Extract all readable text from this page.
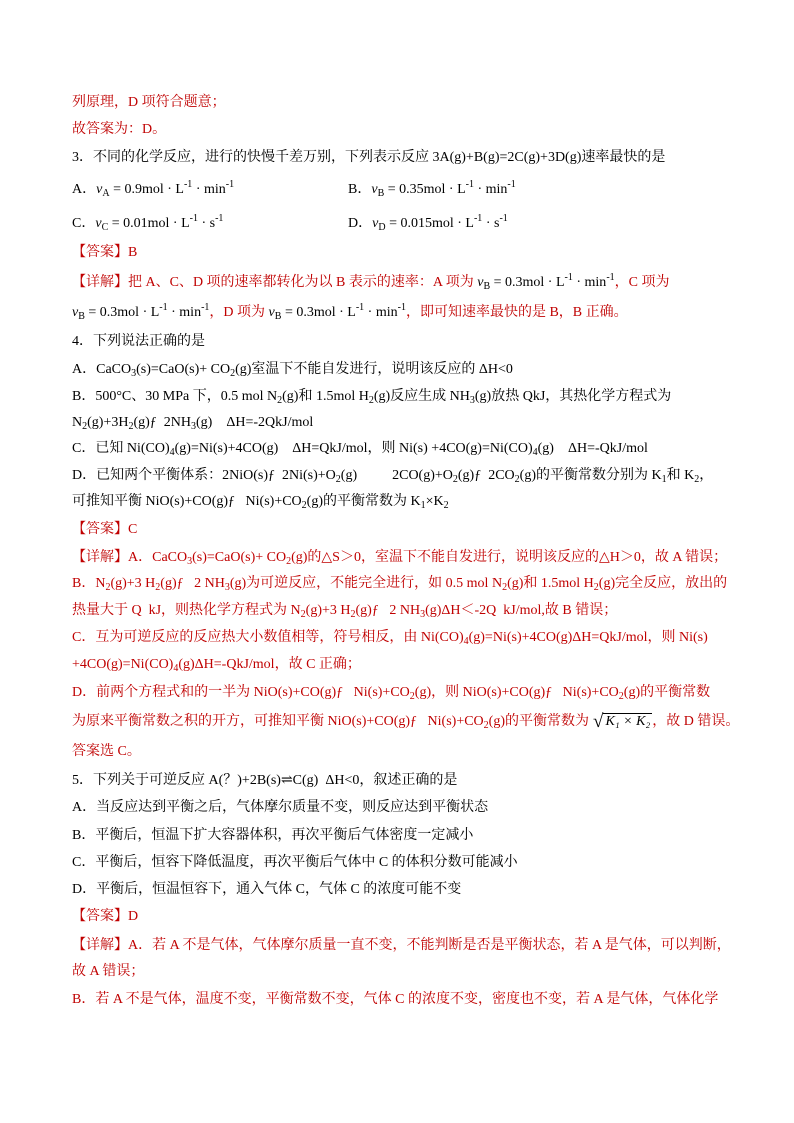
列原理，D 项符合题意；
故答案为：D。
3．不同的化学反应，进行的快慢千差万别，下列表示反应 3A(g)+B(g)=2C(g)+3D(g)速率最快的是
A．$v_A = 0.9mol \cdot L^{-1} \cdot \min^{-1}$	B．$v_B = 0.35mol \cdot L^{-1} \cdot \min^{-1}$
C．$v_C = 0.01mol \cdot L^{-1} \cdot s^{-1}$	D．$v_D = 0.015mol \cdot L^{-1} \cdot s^{-1}$
【答案】B
【详解】把 A、C、D 项的速率都转化为以 B 表示的速率：A 项为 $v_B = 0.3mol \cdot L^{-1} \cdot \min^{-1}$，C 项为
$v_B = 0.3mol \cdot L^{-1} \cdot \min^{-1}$，D 项为 $v_B = 0.3mol \cdot L^{-1} \cdot \min^{-1}$，即可知速率最快的是 B，B 正确。
4．下列说法正确的是
A．CaCO$_3$(s)=CaO(s)+ $CO_2(g)$室温下不能自发进行，说明该反应的 ΔH<0
B．500°C、30 MPa 下，0.5 mol $N_2(g)$和 1.5mol $H_2(g)$反应生成 $NH_3(g)$放热 QkJ，其热化学方程式为
$N_2(g)+3H_2(g)ƒ$  $2NH_3(g)$    ΔH=-2QkJ/mol
C．已知 $Ni(CO)_4(g)=Ni(s)+4CO(g)$    ΔH=QkJ/mol，则 $Ni(s) +4CO(g)=Ni(CO)_4(g)$    ΔH=-QkJ/mol
D．已知两个平衡体系：2NiO(s)ƒ  $2Ni(s)+O_2(g)$          $2CO(g)+O_2(g)ƒ$  $2CO_2(g)$的平衡常数分别为 $K_1$和 $K_2$，
可推知平衡 NiO(s)+CO(g)ƒ   $Ni(s)+CO_2(g)$的平衡常数为 $K_1\times K_2$
【答案】C
【详解】A．CaCO$_3$(s)=CaO(s)+ $CO_2(g)$的△S＞0，室温下不能自发进行，说明该反应的△H＞0，故 A 错误；
B．$N_2(g)+3$ $H_2(g)ƒ$   2 $NH_3(g)$为可逆反应，不能完全进行，如 0.5 mol $N_2(g)$和 1.5mol $H_2(g)$完全反应，放出的
热量大于 Q  kJ，则热化学方程式为 $N_2(g)+3$ $H_2(g)ƒ$   2 $NH_3(g)\Delta H<-2Q$  kJ/mol,故 B 错误；
C．互为可逆反应的反应热大小数值相等，符号相反，由 $Ni(CO)_4(g)=Ni(s)+4CO(g)\Delta H=QkJ$/mol，则 Ni(s)
$+4CO(g)=Ni(CO)_4(g)\Delta H=-QkJ$/mol，故 C 正确；
D．前两个方程式和的一半为 NiO(s)+CO(g)ƒ   $Ni(s)+CO_2(g)$，则 NiO(s)+CO(g)ƒ   $Ni(s)+CO_2(g)$的平衡常数
为原来平衡常数之积的开方，可推知平衡 NiO(s)+CO(g)ƒ   $Ni(s)+CO_2(g)$的平衡常数为 √ K₁ × K₂ ，故 D 错误。
答案选 C。
5．下列关于可逆反应 A(？)+2B(s)⇌C(g)  ΔH<0，叙述正确的是
A．当反应达到平衡之后，气体摩尔质量不变，则反应达到平衡状态
B．平衡后，恒温下扩大容器体积，再次平衡后气体密度一定减小
C．平衡后，恒容下降低温度，再次平衡后气体中 C 的体积分数可能减小
D．平衡后，恒温恒容下，通入气体 C，气体 C 的浓度可能不变
【答案】D
【详解】A．若 A 不是气体，气体摩尔质量一直不变，不能判断是否是平衡状态，若 A 是气体，可以判断，
故 A 错误；
B．若 A 不是气体，温度不变，平衡常数不变，气体 C 的浓度不变，密度也不变，若 A 是气体，气体化学
